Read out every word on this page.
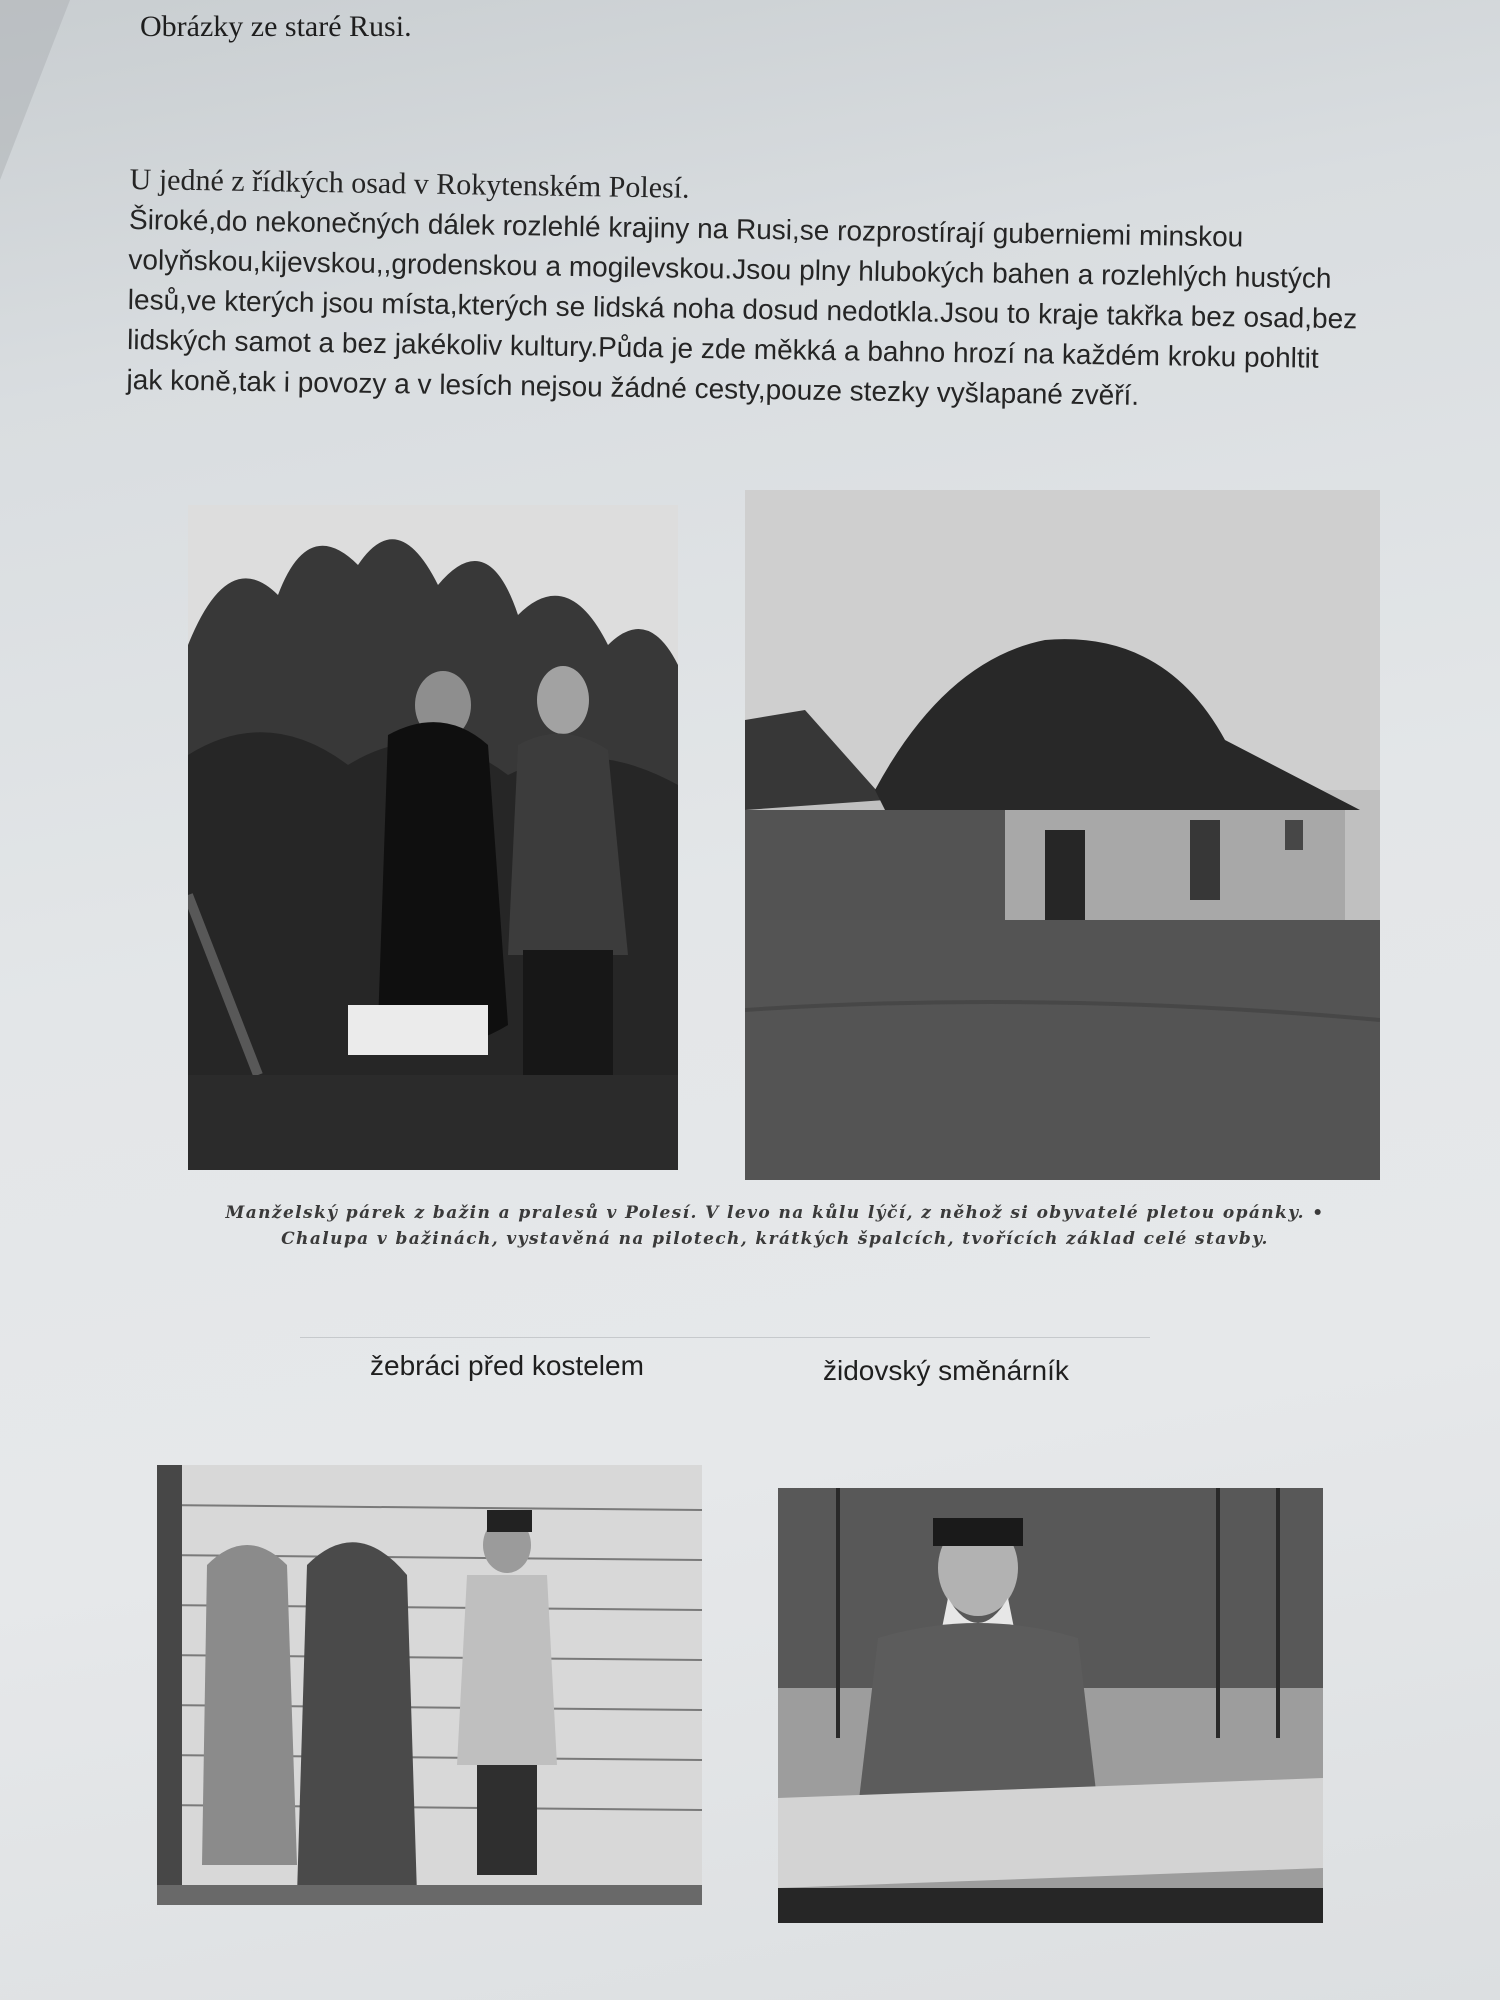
Obrázky ze staré Rusi.
U jedné z řídkých osad v Rokytenském Polesí.
Široké,do nekonečných dálek rozlehlé krajiny na Rusi,se rozprostírají guberniemi minskou
volyňskou,kijevskou,,grodenskou a mogilevskou.Jsou plny hlubokých bahen a rozlehlých hustých
lesů,ve kterých jsou místa,kterých se lidská noha dosud nedotkla.Jsou to kraje takřka bez osad,bez
lidských samot a bez jakékoliv kultury.Půda je zde měkká a bahno hrozí na každém kroku pohltit
jak koně,tak i povozy a v lesích nejsou žádné cesty,pouze stezky vyšlapané zvěří.
Manželský párek z bažin a pralesů v Polesí. V levo na kůlu lýčí, z něhož si obyvatelé pletou opánky. •
Chalupa v bažinách, vystavěná na pilotech, krátkých špalcích, tvořících základ celé stavby.
žebráci před kostelem	židovský směnárník
